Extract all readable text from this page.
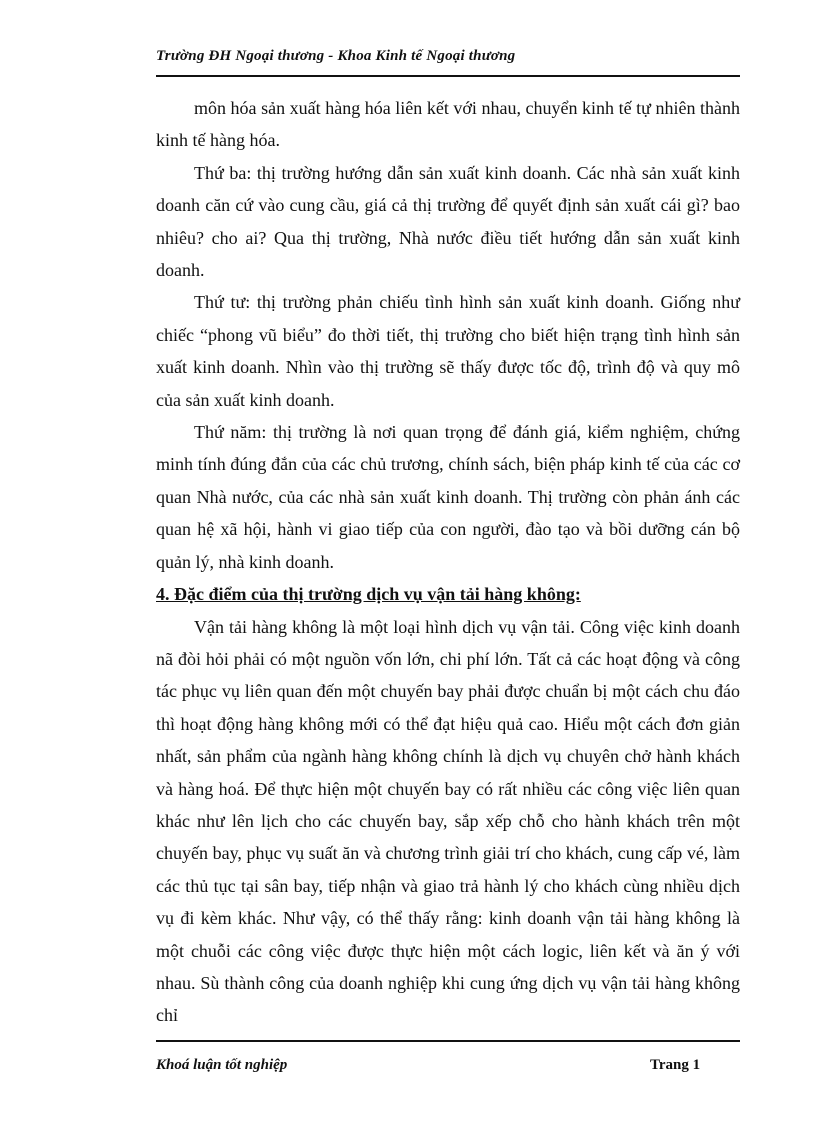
Trường ĐH Ngoại thương - Khoa Kinh tế Ngoại thương

môn hóa sản xuất hàng hóa liên kết với nhau, chuyển kinh tế tự nhiên thành kinh tế hàng hóa.

Thứ ba: thị trường hướng dẫn sản xuất kinh doanh. Các nhà sản xuất kinh doanh căn cứ vào cung cầu, giá cả thị trường để quyết định sản xuất cái gì? bao nhiêu? cho ai? Qua thị trường, Nhà nước điều tiết hướng dẫn sản xuất kinh doanh.

Thứ tư: thị trường phản chiếu tình hình sản xuất kinh doanh. Giống như chiếc “phong vũ biểu” đo thời tiết, thị trường cho biết hiện trạng tình hình sản xuất kinh doanh. Nhìn vào thị trường sẽ thấy được tốc độ, trình độ và quy mô của sản xuất kinh doanh.

Thứ năm: thị trường là nơi quan trọng để đánh giá, kiểm nghiệm, chứng minh tính đúng đắn của các chủ trương, chính sách, biện pháp kinh tế của các cơ quan Nhà nước, của các nhà sản xuất kinh doanh. Thị trường còn phản ánh các quan hệ xã hội, hành vi giao tiếp của con người, đào tạo và bồi dưỡng cán bộ quản lý, nhà kinh doanh.

4. Đặc điểm của thị trường dịch vụ vận tải hàng không:

Vận tải hàng không là một loại hình dịch vụ vận tải. Công việc kinh doanh nã đòi hỏi phải có một nguồn vốn lớn, chi phí lớn. Tất cả các hoạt động và công tác phục vụ liên quan đến một chuyến bay phải được chuẩn bị một cách chu đáo thì hoạt động hàng không mới có thể đạt hiệu quả cao. Hiểu một cách đơn giản nhất, sản phẩm của ngành hàng không chính là dịch vụ chuyên chở hành khách và hàng hoá. Để thực hiện một chuyến bay có rất nhiều các công việc liên quan khác như lên lịch cho các chuyến bay, sắp xếp chỗ cho hành khách trên một chuyến bay, phục vụ suất ăn và chương trình giải trí cho khách, cung cấp vé, làm các thủ tục tại sân bay, tiếp nhận và giao trả hành lý cho khách cùng nhiều dịch vụ đi kèm khác. Như vậy, có thể thấy rằng: kinh doanh vận tải hàng không là một chuỗi các công việc được thực hiện một cách logic, liên kết và ăn ý với nhau. Sù thành công của doanh nghiệp khi cung ứng dịch vụ vận tải hàng không chỉ

Khoá luận tốt nghiệp	Trang 1
